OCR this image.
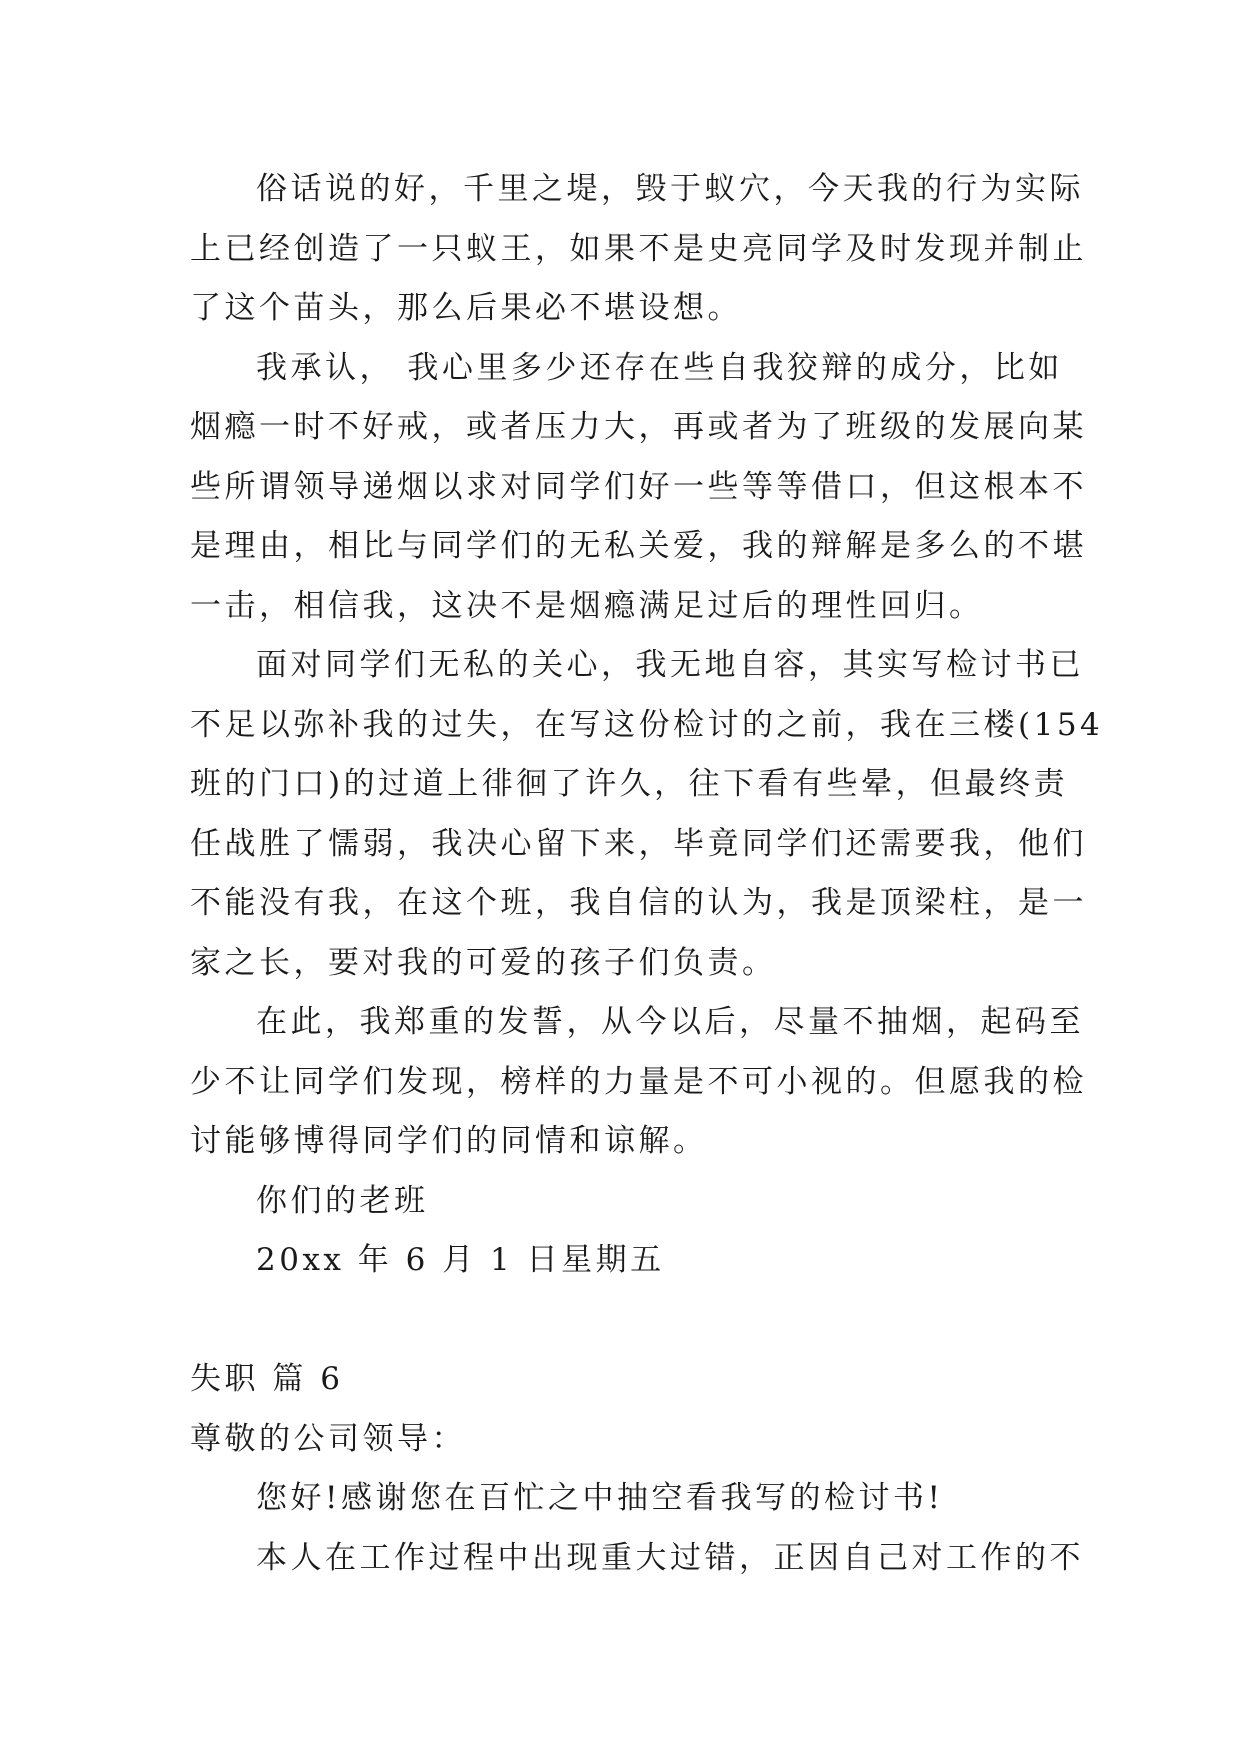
俗话说的好，千里之堤，毁于蚁穴，今天我的行为实际
上已经创造了一只蚁王，如果不是史亮同学及时发现并制止
了这个苗头，那么后果必不堪设想。
我承认， 我心里多少还存在些自我狡辩的成分，比如
烟瘾一时不好戒，或者压力大，再或者为了班级的发展向某
些所谓领导递烟以求对同学们好一些等等借口，但这根本不
是理由，相比与同学们的无私关爱，我的辩解是多么的不堪
一击，相信我，这决不是烟瘾满足过后的理性回归。
面对同学们无私的关心，我无地自容，其实写检讨书已
不足以弥补我的过失，在写这份检讨的之前，我在三楼(154
班的门口)的过道上徘徊了许久，往下看有些晕，但最终责
任战胜了懦弱，我决心留下来，毕竟同学们还需要我，他们
不能没有我，在这个班，我自信的认为，我是顶梁柱，是一
家之长，要对我的可爱的孩子们负责。
在此，我郑重的发誓，从今以后，尽量不抽烟，起码至
少不让同学们发现，榜样的力量是不可小视的。但愿我的检
讨能够博得同学们的同情和谅解。
你们的老班
20xx 年 6 月 1 日星期五
失职 篇 6
尊敬的公司领导：
您好!感谢您在百忙之中抽空看我写的检讨书!
本人在工作过程中出现重大过错，正因自己对工作的不
